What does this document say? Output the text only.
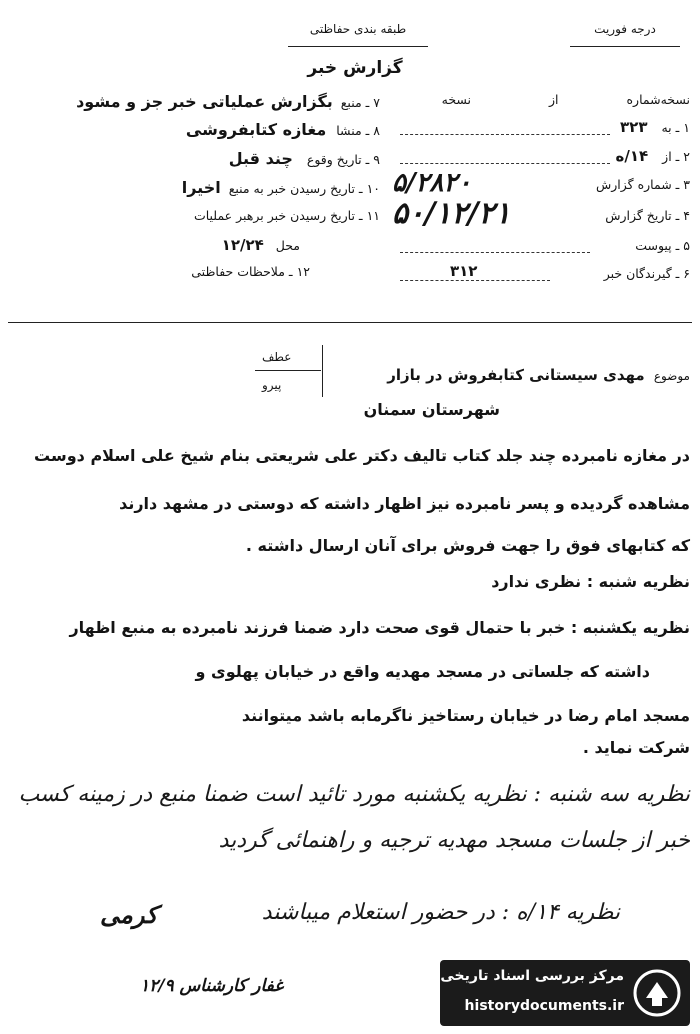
درجه فوریت
طبقه بندی حفاظتی
گزارش خبر
نسخه‌شماره  از  نسخه
۱ ـ به ۳۲۳
۲ ـ از ۱۴/ه
۳ ـ شماره گزارش
۵/۲۸۲۰
۴ ـ تاریخ گزارش
۵۰/۱۲/۲۱
۵ ـ پیوست
۶ ـ گیرندگان خبر
۳۱۲
۷ ـ منبع بگزارش عملیاتی خبر جز و مشود
۸ ـ منشا مغازه کتابفروشی
۹ ـ تاریخ وقوع چند قبل
۱۰ ـ تاریخ رسیدن خبر به منبع اخیرا
۱۱ ـ تاریخ رسیدن خبر برهبر عملیات
محل ۱۲/۲۴
۱۲ ـ ملاحظات حفاظتی
عطف
پیرو
موضوع مهدی سیستانی کتابفروش در بازار
شهرستان سمنان
در مغازه نامبرده چند جلد کتاب تالیف دکتر علی شریعتی بنام شیخ علی اسلام دوست
مشاهده گردیده و پسر نامبرده نیز اظهار داشته که دوستی در مشهد دارند
که کتابهای فوق را جهت فروش برای آنان ارسال داشته .
نظریه شنبه : نظری ندارد
نظریه یکشنبه : خبر با حتمال قوی صحت دارد ضمنا فرزند نامبرده به منبع اظهار
داشته که جلساتی در مسجد مهدیه واقع در خیابان پهلوی و
مسجد امام رضا در خیابان رستاخیز ناگرمابه باشد میتوانند
شرکت نماید .
نظریه سه شنبه : نظریه یکشنبه مورد تائید است ضمنا منبع در زمینه کسب
خبر از جلسات مسجد مهدیه ترجیه و راهنمائی گردید
نظریه ۱۴/ه : در حضور استعلام میباشند
کرمی
غفار کارشناس ۱۲/۹	مرکز بررسی اسناد تاریخی
historydocuments.ir
